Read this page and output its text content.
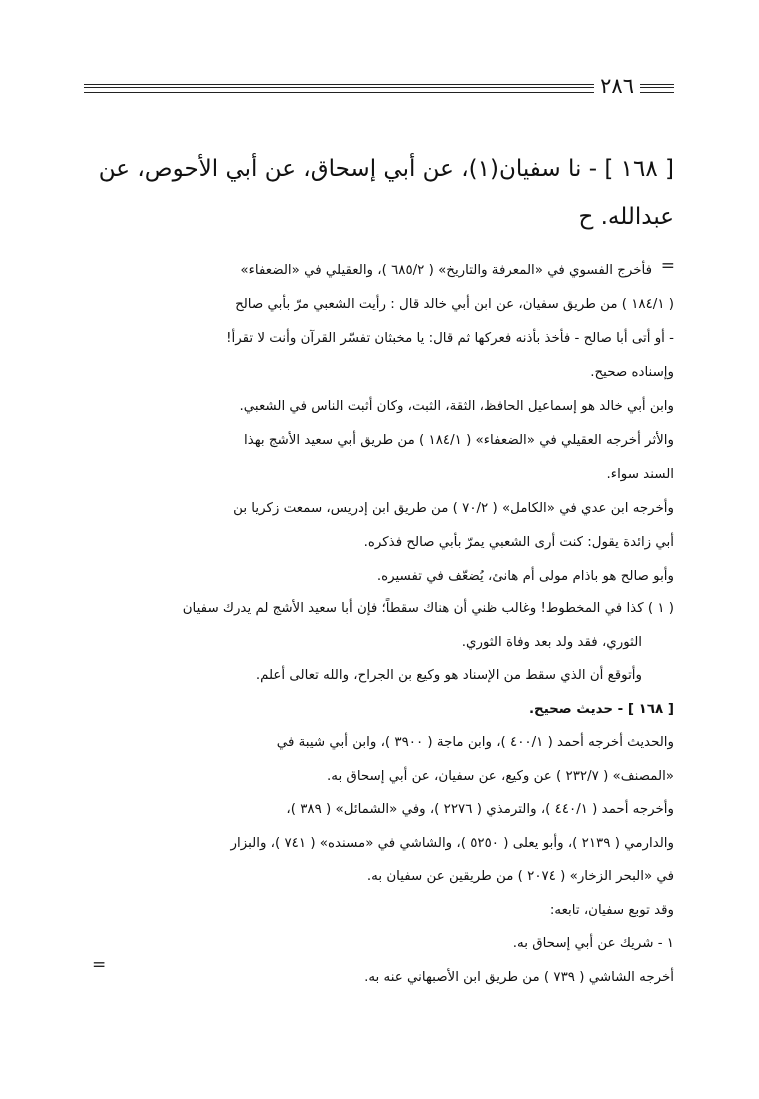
٢٨٦
[ ١٦٨ ] - نا سفيان(١)، عن أبي إسحاق، عن أبي الأحوص، عن
عبدالله. ح
=

فأخرج الفسوي في «المعرفة والتاريخ» ( ٦٨٥/٢ )، والعقيلي في «الضعفاء»

( ١٨٤/١ ) من طريق سفيان، عن ابن أبي خالد قال : رأيت الشعبي مرّ بأبي صالح

- أو أتى أبا صالح - فأخذ بأذنه فعركها ثم قال: يا مخبثان تفسّر القرآن وأنت لا تقرأ!

وإسناده صحيح.

وابن أبي خالد هو إسماعيل الحافظ، الثقة، الثبت، وكان أثبت الناس في الشعبي.

والأثر أخرجه العقيلي في «الضعفاء» ( ١٨٤/١ ) من طريق أبي سعيد الأشج بهذا

السند سواء.

وأخرجه ابن عدي في «الكامل» ( ٧٠/٢ ) من طريق ابن إدريس، سمعت زكريا بن

أبي زائدة يقول: كنت أرى الشعبي يمرّ بأبي صالح فذكره.

وأبو صالح هو باذام مولى أم هانئ، يُضعّف في تفسيره.

( ١ ) كذا في المخطوط! وغالب ظني أن هناك سقطاً؛ فإن أبا سعيد الأشج لم يدرك سفيان

الثوري، فقد ولد بعد وفاة الثوري.

وأتوقع أن الذي سقط من الإسناد هو وكيع بن الجراح، والله تعالى أعلم.

[ ١٦٨ ] - حديث صحيح.

والحديث أخرجه أحمد ( ٤٠٠/١ )، وابن ماجة ( ٣٩٠٠ )، وابن أبي شيبة في

«المصنف» ( ٢٣٢/٧ ) عن وكيع، عن سفيان، عن أبي إسحاق به.

وأخرجه أحمد ( ٤٤٠/١ )، والترمذي ( ٢٢٧٦ )، وفي «الشمائل» ( ٣٨٩ )،

والدارمي ( ٢١٣٩ )، وأبو يعلى ( ٥٢٥٠ )، والشاشي في «مسنده» ( ٧٤١ )، والبزار

في «البحر الزخار» ( ٢٠٧٤ ) من طريقين عن سفيان به.

وقد توبع سفيان، تابعه:

١ - شريك عن أبي إسحاق به.

أخرجه الشاشي ( ٧٣٩ ) من طريق ابن الأصبهاني عنه به.

=
